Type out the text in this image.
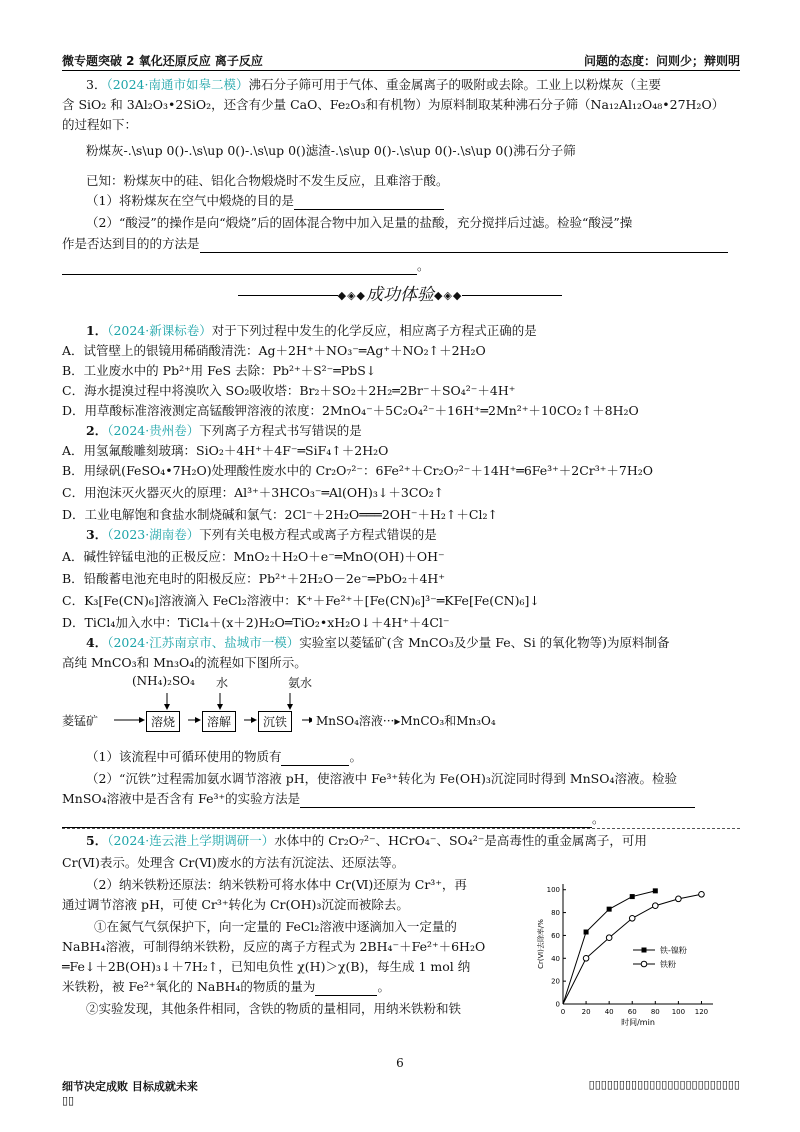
微专题突破 2 氧化还原反应 离子反应	问题的态度：问则少；辩则明
3．（2024·南通市如皋二模）沸石分子筛可用于气体、重金属离子的吸附或去除。工业上以粉煤灰（主要
含 SiO₂ 和 3Al₂O₃•2SiO₂，还含有少量 CaO、Fe₂O₃和有机物）为原料制取某种沸石分子筛（Na₁₂Al₁₂O₄₈•27H₂O）
的过程如下：
粉煤灰-.\s\up 0()-.\s\up 0()-.\s\up 0()滤渣-.\s\up 0()-.\s\up 0()-.\s\up 0()沸石分子筛
已知：粉煤灰中的硅、铝化合物煅烧时不发生反应，且难溶于酸。
（1）将粉煤灰在空气中煅烧的目的是
（2）“酸浸”的操作是向“煅烧”后的固体混合物中加入足量的盐酸，充分搅拌后过滤。检验“酸浸”操
作是否达到目的的方法是
。
◆◈◆成功体验◆◈◆
1．（2024·新课标卷）对于下列过程中发生的化学反应，相应离子方程式正确的是
A．试管壁上的银镜用稀硝酸清洗：Ag＋2H⁺＋NO₃⁻═Ag⁺＋NO₂↑＋2H₂O
B．工业废水中的 Pb²⁺用 FeS 去除：Pb²⁺＋S²⁻═PbS↓
C．海水提溴过程中将溴吹入 SO₂吸收塔：Br₂＋SO₂＋2H₂═2Br⁻＋SO₄²⁻＋4H⁺
D．用草酸标准溶液测定高锰酸钾溶液的浓度：2MnO₄⁻＋5C₂O₄²⁻＋16H⁺═2Mn²⁺＋10CO₂↑＋8H₂O
2．（2024·贵州卷）下列离子方程式书写错误的是
A．用氢氟酸雕刻玻璃：SiO₂＋4H⁺＋4F⁻═SiF₄↑＋2H₂O
B．用绿矾(FeSO₄•7H₂O)处理酸性废水中的 Cr₂O₇²⁻：6Fe²⁺＋Cr₂O₇²⁻＋14H⁺═6Fe³⁺＋2Cr³⁺＋7H₂O
C．用泡沫灭火器灭火的原理：Al³⁺＋3HCO₃⁻═Al(OH)₃↓＋3CO₂↑
D．工业电解饱和食盐水制烧碱和氯气：2Cl⁻＋2H₂O═══2OH⁻＋H₂↑＋Cl₂↑
3．（2023·湖南卷）下列有关电极方程式或离子方程式错误的是
A．碱性锌锰电池的正极反应：MnO₂＋H₂O＋e⁻═MnO(OH)＋OH⁻
B．铅酸蓄电池充电时的阳极反应：Pb²⁺＋2H₂O－2e⁻═PbO₂＋4H⁺
C．K₃[Fe(CN)₆]溶液滴入 FeCl₂溶液中：K⁺＋Fe²⁺＋[Fe(CN)₆]³⁻═KFe[Fe(CN)₆]↓
D．TiCl₄加入水中：TiCl₄＋(x＋2)H₂O═TiO₂•xH₂O↓＋4H⁺＋4Cl⁻
4．（2024·江苏南京市、盐城市一模）实验室以菱锰矿(含 MnCO₃及少量 Fe、Si 的氧化物等)为原料制备
高纯 MnCO₃和 Mn₃O₄的流程如下图所示。
(NH₄)₂SO₄	水	氨水
菱锰矿	溶烧	溶解	沉铁	MnSO₄溶液···▸MnCO₃和Mn₃O₄
（1）该流程中可循环使用的物质有	。
（2）“沉铁”过程需加氨水调节溶液 pH，使溶液中 Fe³⁺转化为 Fe(OH)₃沉淀同时得到 MnSO₄溶液。检验
MnSO₄溶液中是否含有 Fe³⁺的实验方法是
。
5．（2024·连云港上学期调研一）水体中的 Cr₂O₇²⁻、HCrO₄⁻、SO₄²⁻是高毒性的重金属离子，可用
Cr(Ⅵ)表示。处理含 Cr(Ⅵ)废水的方法有沉淀法、还原法等。
（2）纳米铁粉还原法：纳米铁粉可将水体中 Cr(Ⅵ)还原为 Cr³⁺，再
通过调节溶液 pH，可使 Cr³⁺转化为 Cr(OH)₃沉淀而被除去。
①在氮气气氛保护下，向一定量的 FeCl₂溶液中逐滴加入一定量的
NaBH₄溶液，可制得纳米铁粉，反应的离子方程式为 2BH₄⁻＋Fe²⁺＋6H₂O
═Fe↓＋2B(OH)₃↓＋7H₂↑，已知电负性 χ(H)＞χ(B)，每生成 1 mol 纳
米铁粉，被 Fe²⁺氧化的 NaBH₄的物质的量为	。
②实验发现，其他条件相同，含铁的物质的量相同，用纳米铁粉和铁	0 20 40 60 80 100 120
0
20
40
60
80
100
时间/min
Cr(Ⅵ)去除率/%	铁-镍粉
铁粉
6
细节决定成败 目标成就未来
▯▯
▯▯▯▯▯▯▯▯▯▯▯▯▯▯▯▯▯▯▯▯▯▯▯▯▯
